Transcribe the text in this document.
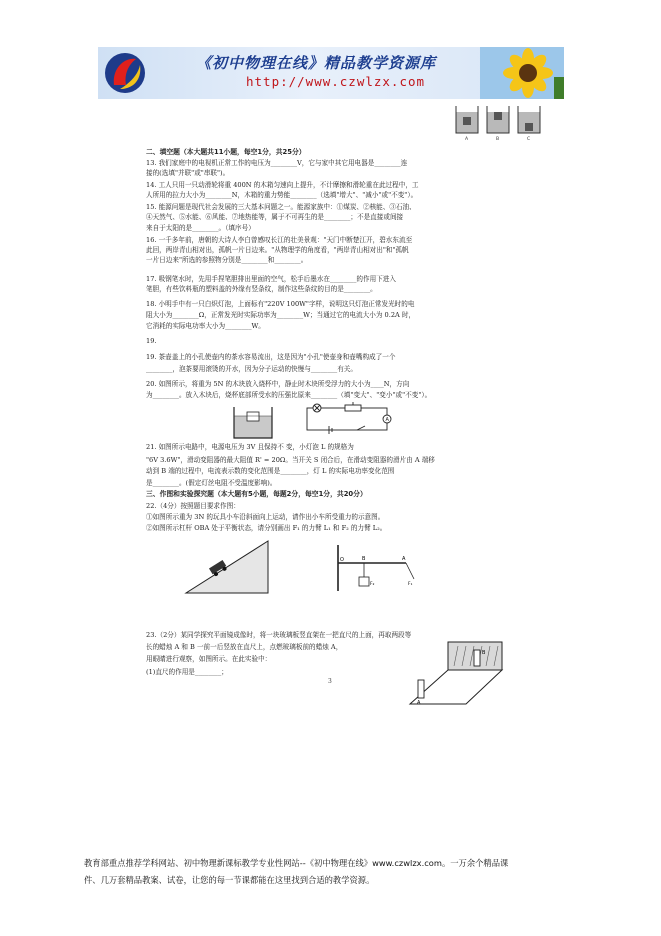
《初中物理在线》精品教学资源库
http://www.czwlzx.com
A	B	C
二、填空题（本大题共11小题，每空1分，共25分）
13. 我们家庭中的电视机正常工作的电压为________V，它与家中其它用电器是________连
接的(选填"并联"或"串联")。
14. 工人只用一只动滑轮将重 400N 的木箱匀速向上提升，不计摩擦和滑轮重在此过程中，工
人所用的拉力大小为________N，木箱的重力势能________（选填"增大"、"减小"或"不变"）。
15. 能源问题是现代社会发展的三大基本问题之一。能源家族中：①煤炭、②核能、③石油、
④天然气、⑤水能、⑥风能、⑦地热能等，属于不可再生的是________；不是直接或间接
来自于太阳的是________。（填序号）
16. 一千多年前，唐朝的大诗人李白曾感叹长江的壮美景观："天门中断楚江开，碧水东流至
此回，两岸青山相对出，孤帆一片日边来。"从物理学的角度看，"两岸青山相对出"和"孤帆
一片日边来"所选的参照物分别是________和________。
17. 吸钢笔水时，先用手捏笔胆排出里面的空气，松手后墨水在________的作用下进入
笔胆，有些饮料瓶的塑料盖的外缘有竖条纹，制作这些条纹的目的是________。
18. 小明手中有一只白炽灯泡，上面标有"220V 100W"字样，说明这只灯泡正常发光时的电
阻大小为________Ω，正常发光时实际功率为________W；当通过它的电流大小为 0.2A 时，
它消耗的实际电功率大小为________W。
19.
19. 茶壶盖上的小孔使壶内的茶水容易流出，这是因为"小孔"使壶身和壶嘴构成了一个
________，泡茶要用滚烫的开水，因为分子运动的快慢与________有关。
20. 如图所示，将重为 5N 的木块放入烧杯中，静止时木块所受浮力的大小为____N，方向
为________。放入木块后，烧杯底部所受水的压强比原来________（填"变大"、"变小"或"不变"）。
A
21. 如图所示电路中，电源电压为 3V 且保持不 变，小灯泡 L 的规格为
"6V 3.6W"，滑动变阻器的最大阻值 R' = 20Ω。当开关 S 闭合后，在滑动变阻器的滑片由 A 端移
动到 B 端的过程中，电流表示数的变化范围是________，灯 L 的实际电功率变化范围
是________。(假定灯丝电阻不受温度影响)。
三、作图和实验探究题（本大题有5小题，每题2分，每空1分，共20分）
22.（4分）按照题目要求作图：
①如图所示重为 3N 的玩具小车沿斜面向上运动，请作出小车所受重力的示意图。
②如图所示杠杆 OBA 处于平衡状态，请分别画出 F₁ 的力臂 L₁ 和 F₂ 的力臂 L₂。
O	B	A
F₂	F₁
23.（2分）某同学探究平面镜成像时，将一块玻璃板竖直架在一把直尺的上面，再取两段等
长的蜡烛 A 和 B 一前一后竖放在直尺上，点燃玻璃板前的蜡烛 A，
用眼睛进行观察，如图所示。在此实验中：
(1)直尺的作用是________；
A
B
3
教育部重点推荐学科网站、初中物理新课标教学专业性网站--《初中物理在线》www.czwlzx.com。一万余个精品课
件、几万套精品教案、试卷，让您的每一节课都能在这里找到合适的教学资源。
